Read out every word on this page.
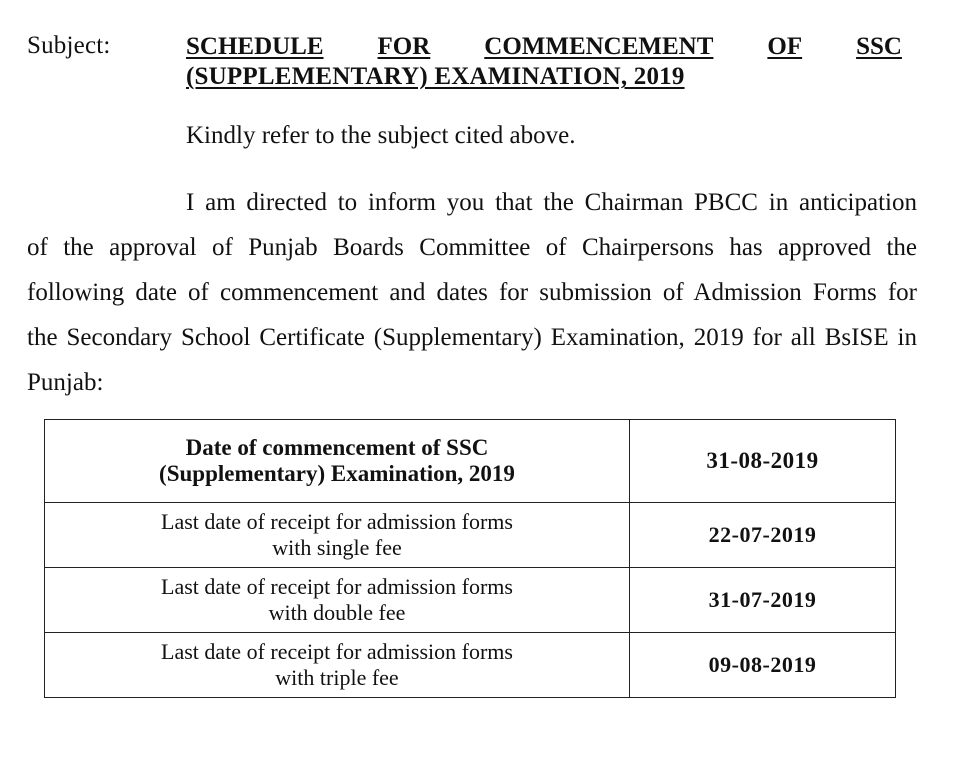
Subject:	SCHEDULE FOR COMMENCEMENT OF SSC
(SUPPLEMENTARY) EXAMINATION, 2019
Kindly refer to the subject cited above.
I am directed to inform you that the Chairman PBCC in anticipation of the approval of Punjab Boards Committee of Chairpersons has approved the following date of commencement and dates for submission of Admission Forms for the Secondary School Certificate (Supplementary) Examination, 2019 for all BsISE in Punjab:
Date of commencement of SSC
(Supplementary) Examination, 2019	31-08-2019

Last date of receipt for admission forms
with single fee	22-07-2019

Last date of receipt for admission forms
with double fee	31-07-2019

Last date of receipt for admission forms
with triple fee	09-08-2019
